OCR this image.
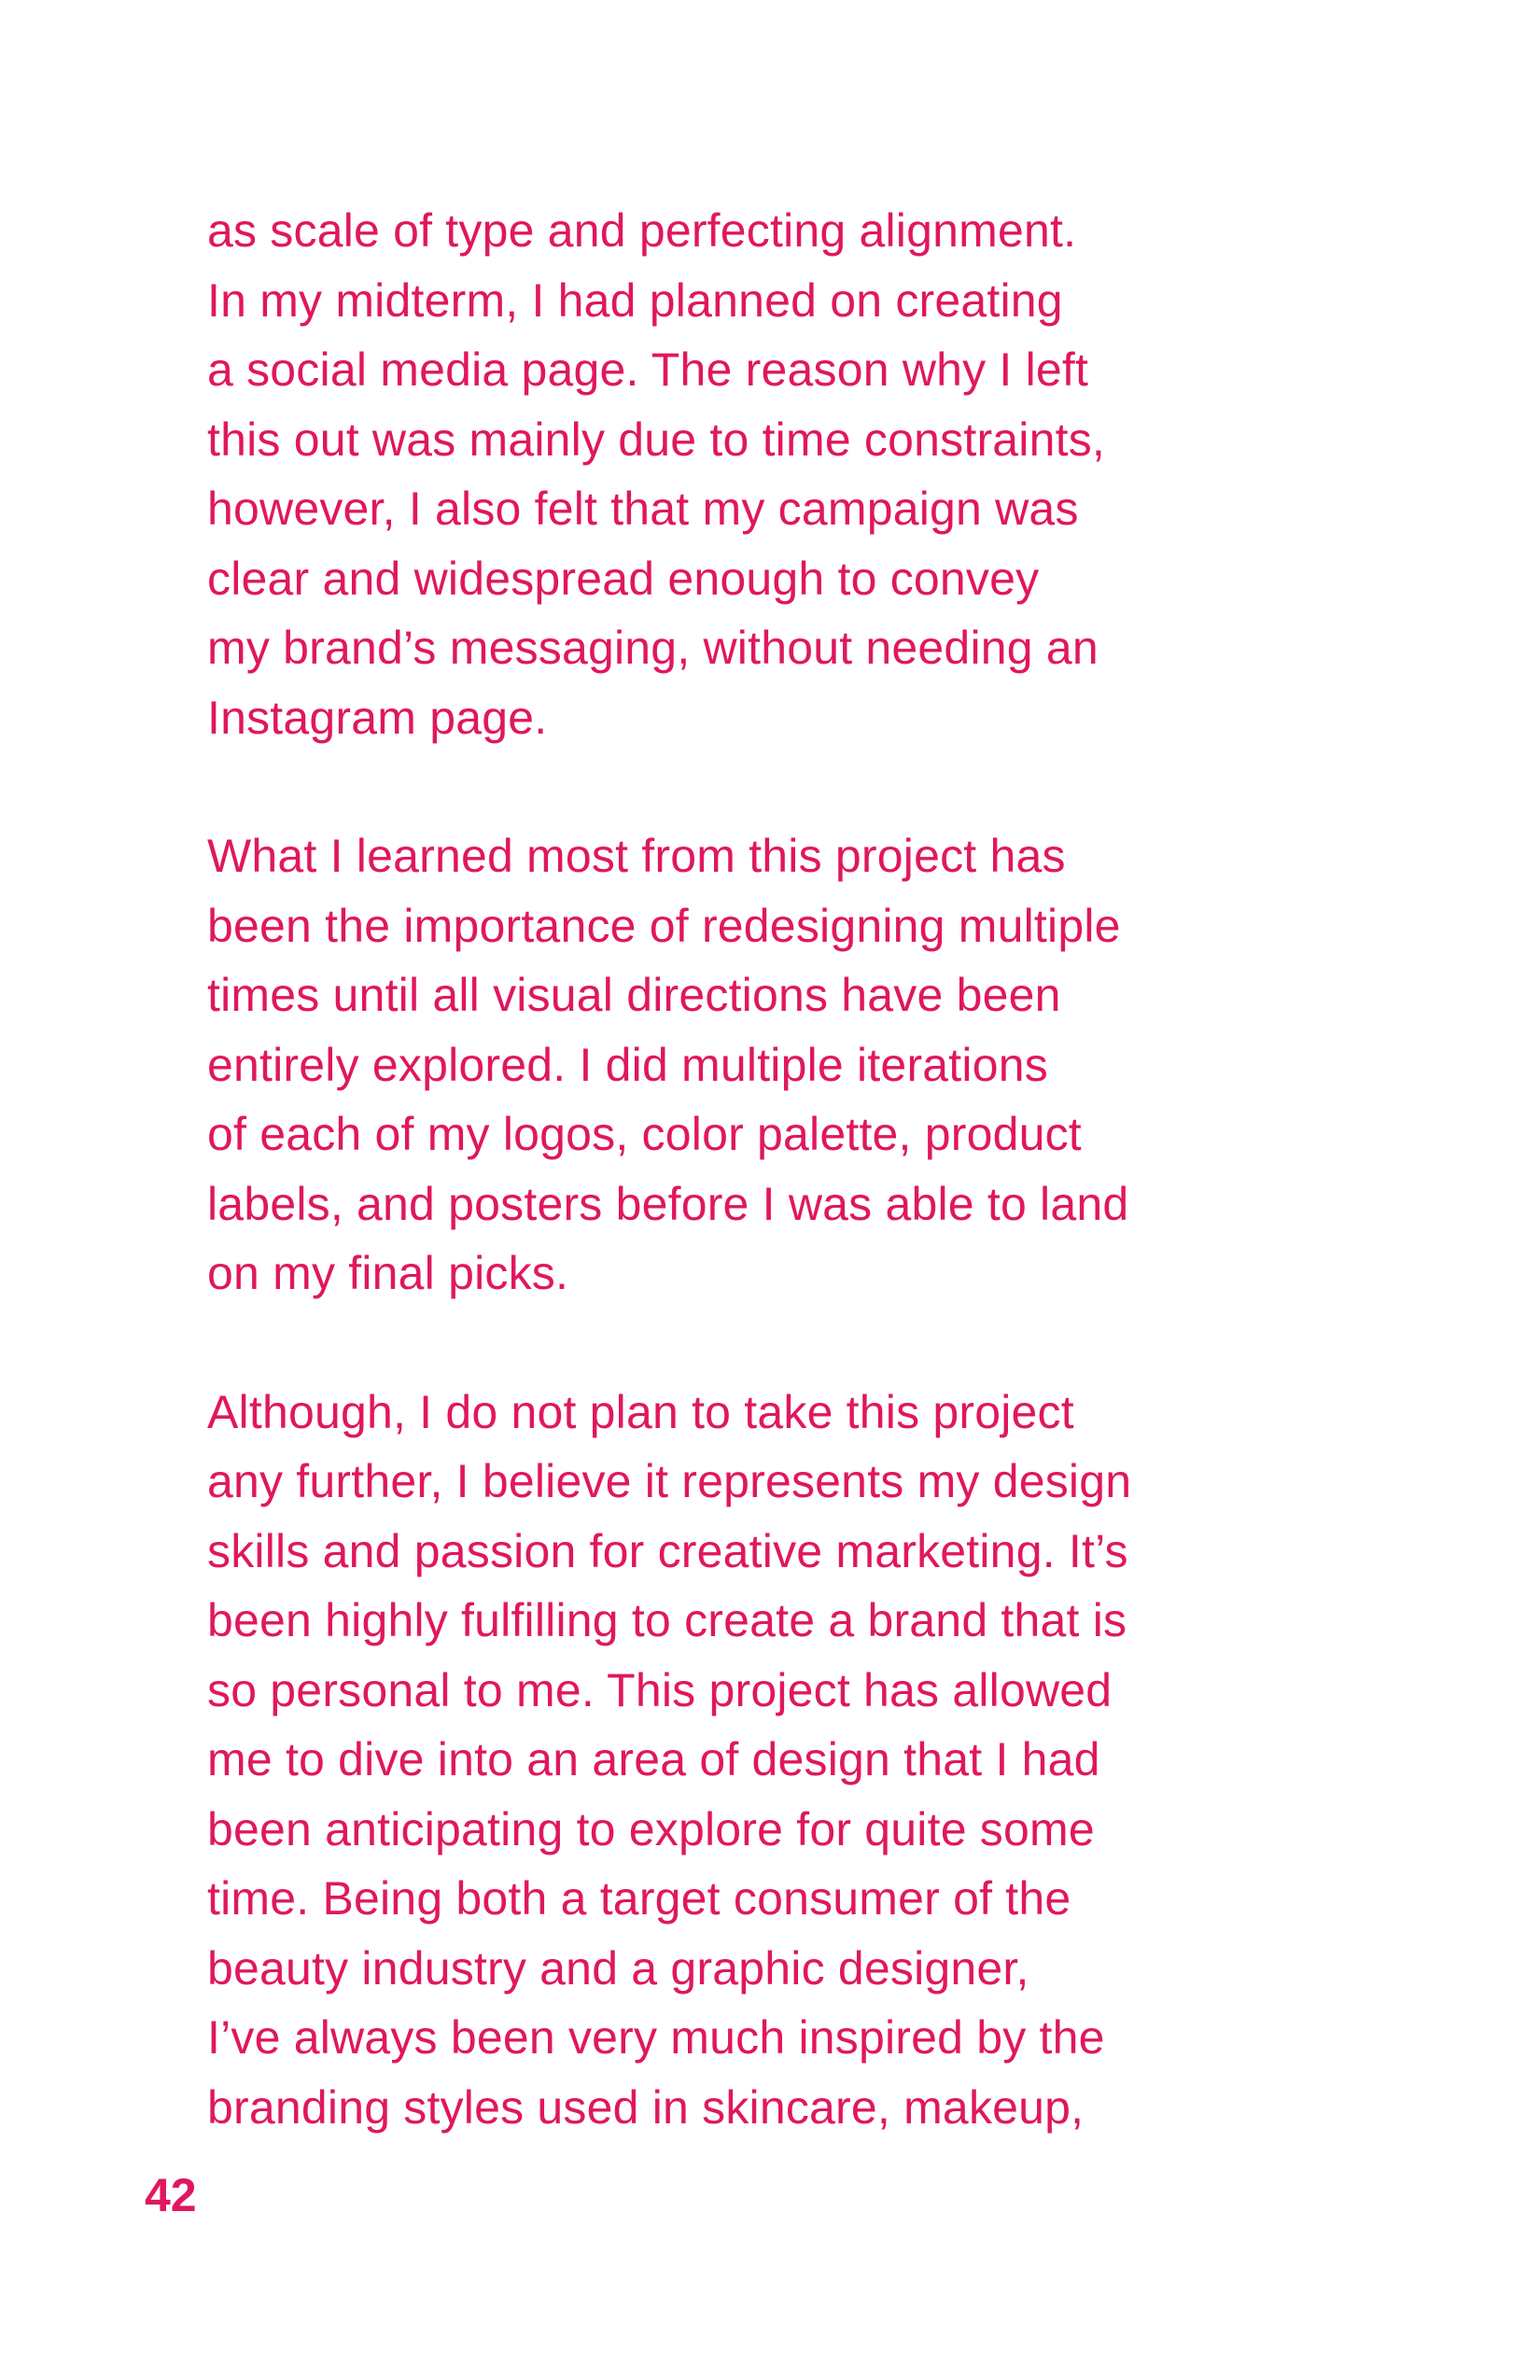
as scale of type and perfecting alignment.
In my midterm, I had planned on creating
a social media page. The reason why I left
this out was mainly due to time constraints,
however, I also felt that my campaign was
clear and widespread enough to convey
my brand’s messaging, without needing an
Instagram page.

What I learned most from this project has
been the importance of redesigning multiple
times until all visual directions have been
entirely explored. I did multiple iterations
of each of my logos, color palette, product
labels, and posters before I was able to land
on my final picks.

Although, I do not plan to take this project
any further, I believe it represents my design
skills and passion for creative marketing. It’s
been highly fulfilling to create a brand that is
so personal to me. This project has allowed
me to dive into an area of design that I had
been anticipating to explore for quite some
time. Being both a target consumer of the
beauty industry and a graphic designer,
I’ve always been very much inspired by the
branding styles used in skincare, makeup,

42
